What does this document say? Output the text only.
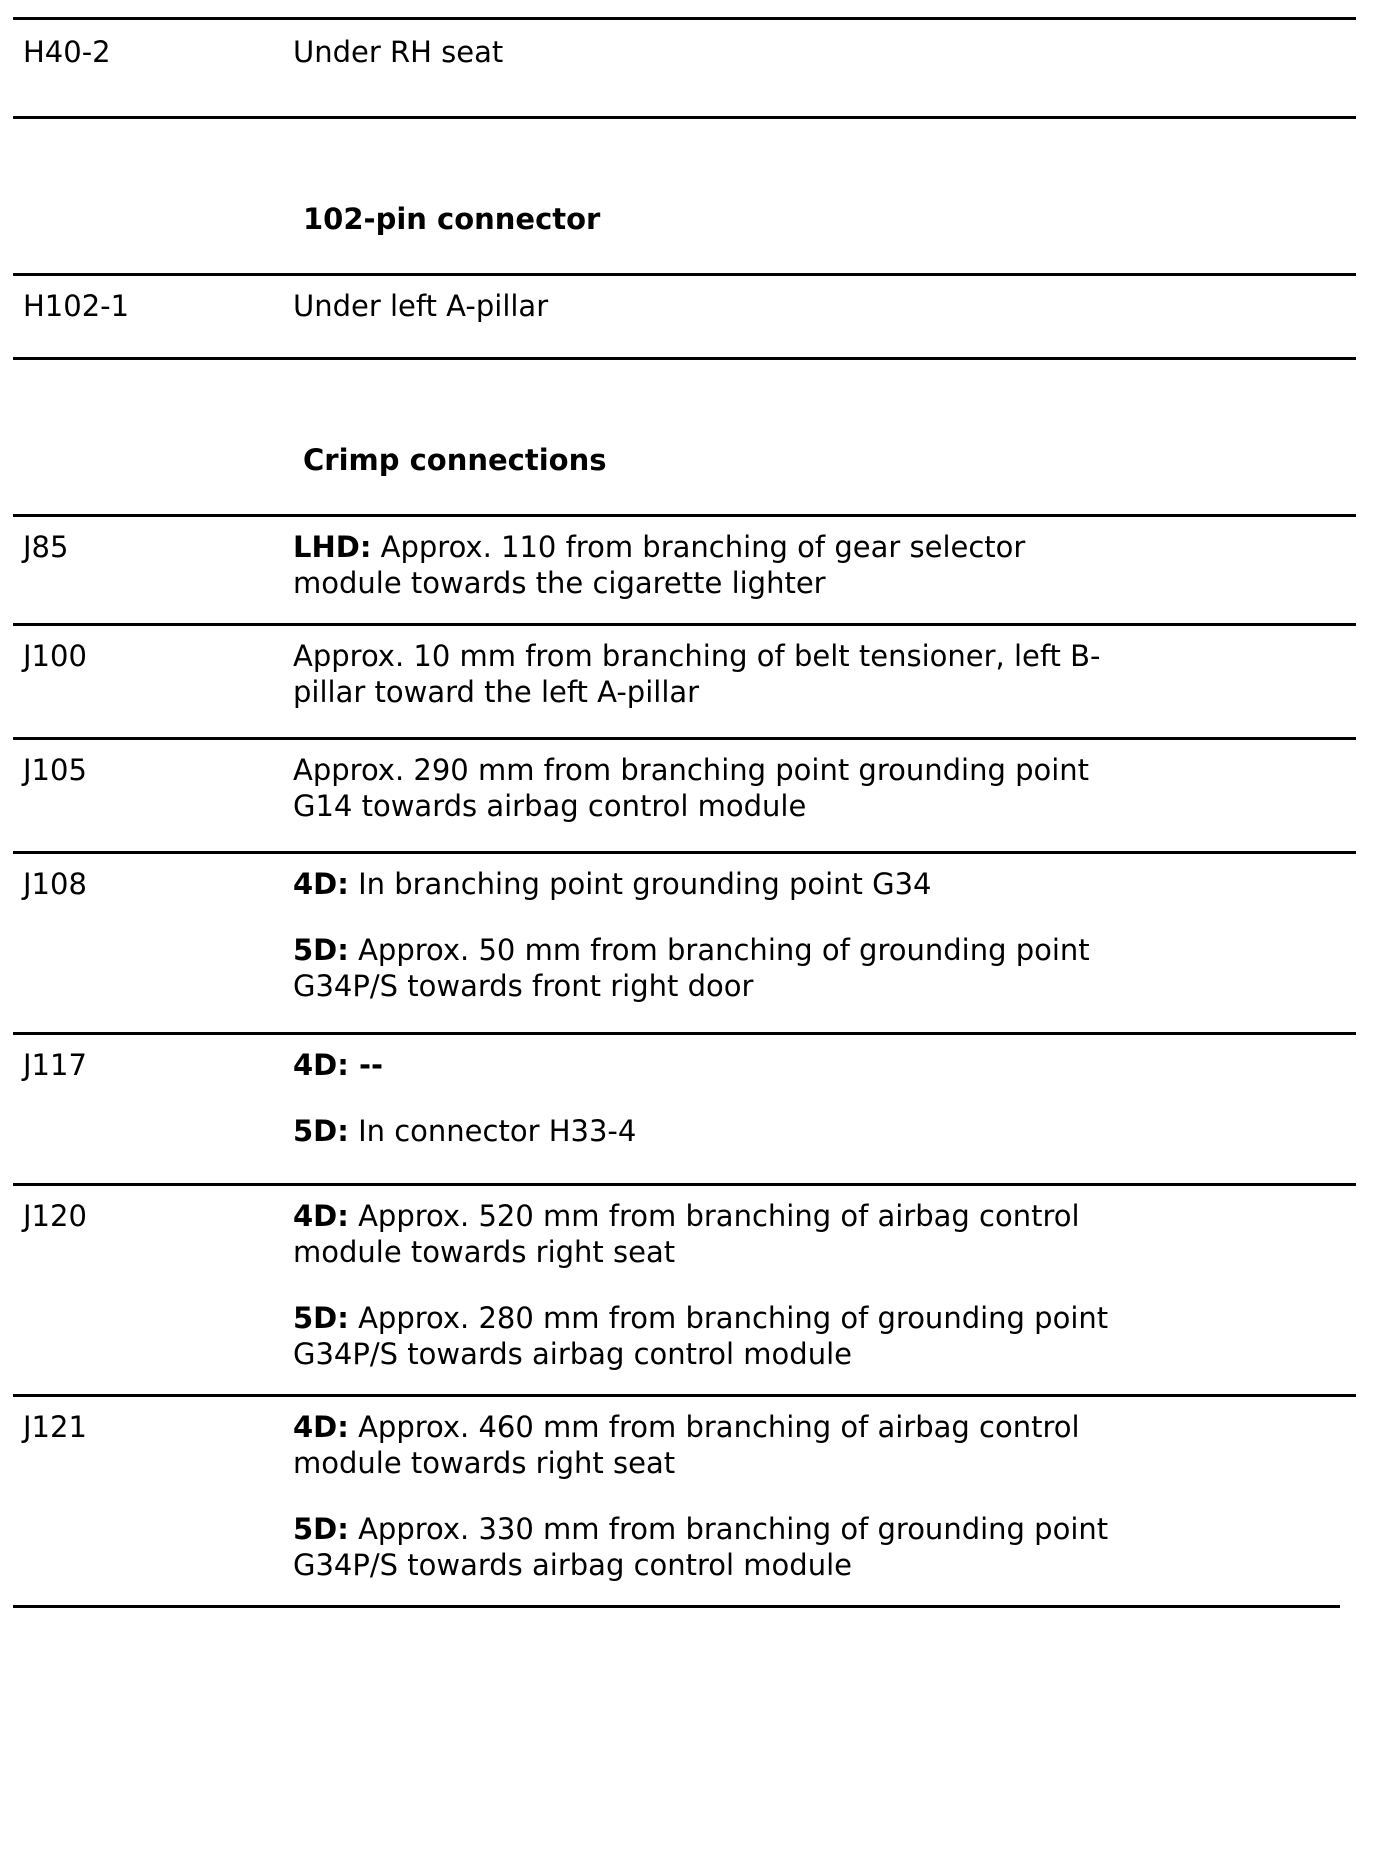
H40-2	Under RH seat
102-pin connector
H102-1	Under left A-pillar
Crimp connections
J85	LHD: Approx. 110 from branching of gear selector
module towards the cigarette lighter

J100	Approx. 10 mm from branching of belt tensioner, left B-
pillar toward the left A-pillar

J105	Approx. 290 mm from branching point grounding point
G14 towards airbag control module

J108	4D: In branching point grounding point G34

5D: Approx. 50 mm from branching of grounding point
G34P/S towards front right door

J117	4D: --

5D: In connector H33-4

J120	4D: Approx. 520 mm from branching of airbag control
module towards right seat

5D: Approx. 280 mm from branching of grounding point
G34P/S towards airbag control module

J121	4D: Approx. 460 mm from branching of airbag control
module towards right seat

5D: Approx. 330 mm from branching of grounding point
G34P/S towards airbag control module
